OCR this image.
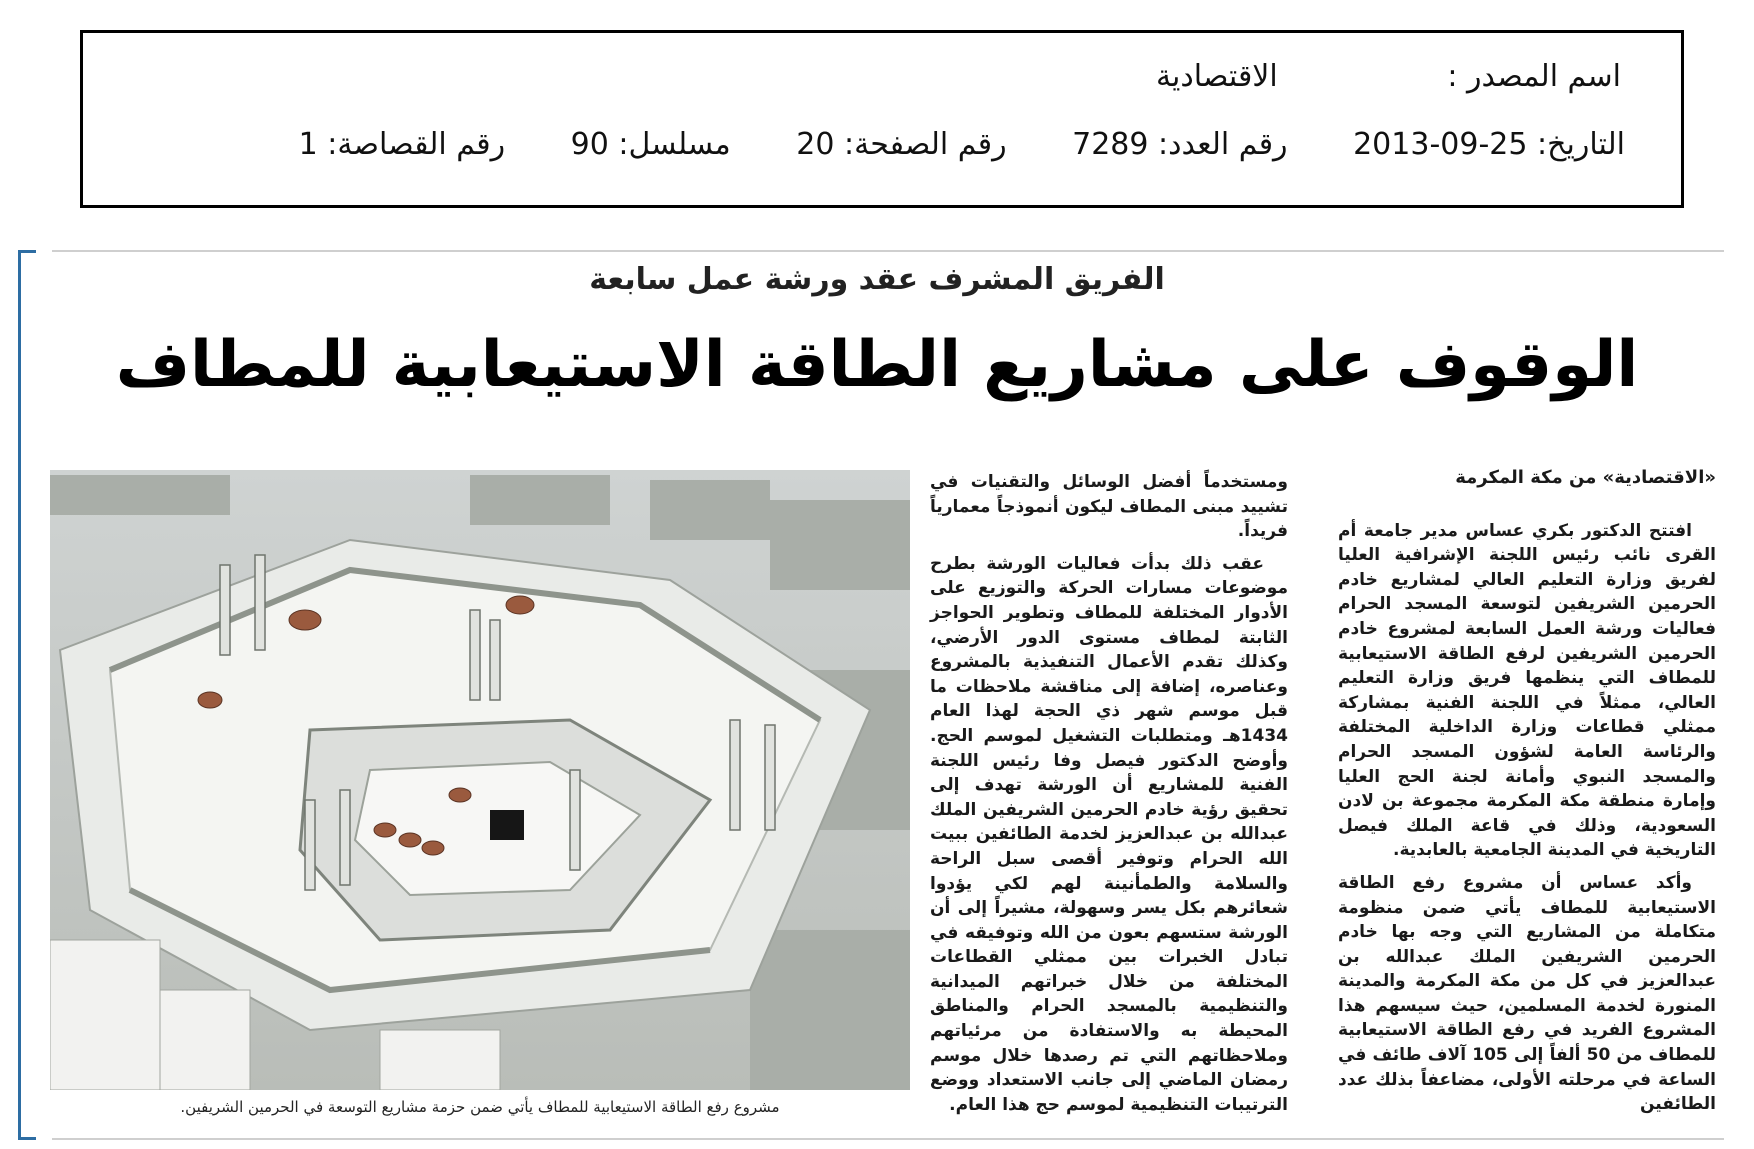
اسم المصدر : الاقتصادية
التاريخ: 25-09-2013 رقم العدد: 7289 رقم الصفحة: 20 مسلسل: 90 رقم القصاصة: 1
الفريق المشرف عقد ورشة عمل سابعة
الوقوف على مشاريع الطاقة الاستيعابية للمطاف
مشروع رفع الطاقة الاستيعابية للمطاف يأتي ضمن حزمة مشاريع التوسعة في الحرمين الشريفين.
«الاقتصادية» من مكة المكرمة

افتتح الدكتور بكري عساس مدير جامعة أم القرى نائب رئيس اللجنة الإشرافية العليا لفريق وزارة التعليم العالي لمشاريع خادم الحرمين الشريفين لتوسعة المسجد الحرام فعاليات ورشة العمل السابعة لمشروع خادم الحرمين الشريفين لرفع الطاقة الاستيعابية للمطاف التي ينظمها فريق وزارة التعليم العالي، ممثلاً في اللجنة الفنية بمشاركة ممثلي قطاعات وزارة الداخلية المختلفة والرئاسة العامة لشؤون المسجد الحرام والمسجد النبوي وأمانة لجنة الحج العليا وإمارة منطقة مكة المكرمة مجموعة بن لادن السعودية، وذلك في قاعة الملك فيصل التاريخية في المدينة الجامعية بالعابدية.

وأكد عساس أن مشروع رفع الطاقة الاستيعابية للمطاف يأتي ضمن منظومة متكاملة من المشاريع التي وجه بها خادم الحرمين الشريفين الملك عبدالله بن عبدالعزيز في كل من مكة المكرمة والمدينة المنورة لخدمة المسلمين، حيث سيسهم هذا المشروع الفريد في رفع الطاقة الاستيعابية للمطاف من 50 ألفاً إلى 105 آلاف طائف في الساعة في مرحلته الأولى، مضاعفاً بذلك عدد الطائفين

ومستخدماً أفضل الوسائل والتقنيات في تشييد مبنى المطاف ليكون أنموذجاً معمارياً فريداً.

عقب ذلك بدأت فعاليات الورشة بطرح موضوعات مسارات الحركة والتوزيع على الأدوار المختلفة للمطاف وتطوير الحواجز الثابتة لمطاف مستوى الدور الأرضي، وكذلك تقدم الأعمال التنفيذية بالمشروع وعناصره، إضافة إلى مناقشة ملاحظات ما قبل موسم شهر ذي الحجة لهذا العام 1434هـ ومتطلبات التشغيل لموسم الحج. وأوضح الدكتور فيصل وفا رئيس اللجنة الفنية للمشاريع أن الورشة تهدف إلى تحقيق رؤية خادم الحرمين الشريفين الملك عبدالله بن عبدالعزيز لخدمة الطائفين ببيت الله الحرام وتوفير أقصى سبل الراحة والسلامة والطمأنينة لهم لكي يؤدوا شعائرهم بكل يسر وسهولة، مشيراً إلى أن الورشة ستسهم بعون من الله وتوفيقه في تبادل الخبرات بين ممثلي القطاعات المختلفة من خلال خبراتهم الميدانية والتنظيمية بالمسجد الحرام والمناطق المحيطة به والاستفادة من مرئياتهم وملاحظاتهم التي تم رصدها خلال موسم رمضان الماضي إلى جانب الاستعداد ووضع الترتيبات التنظيمية لموسم حج هذا العام.
